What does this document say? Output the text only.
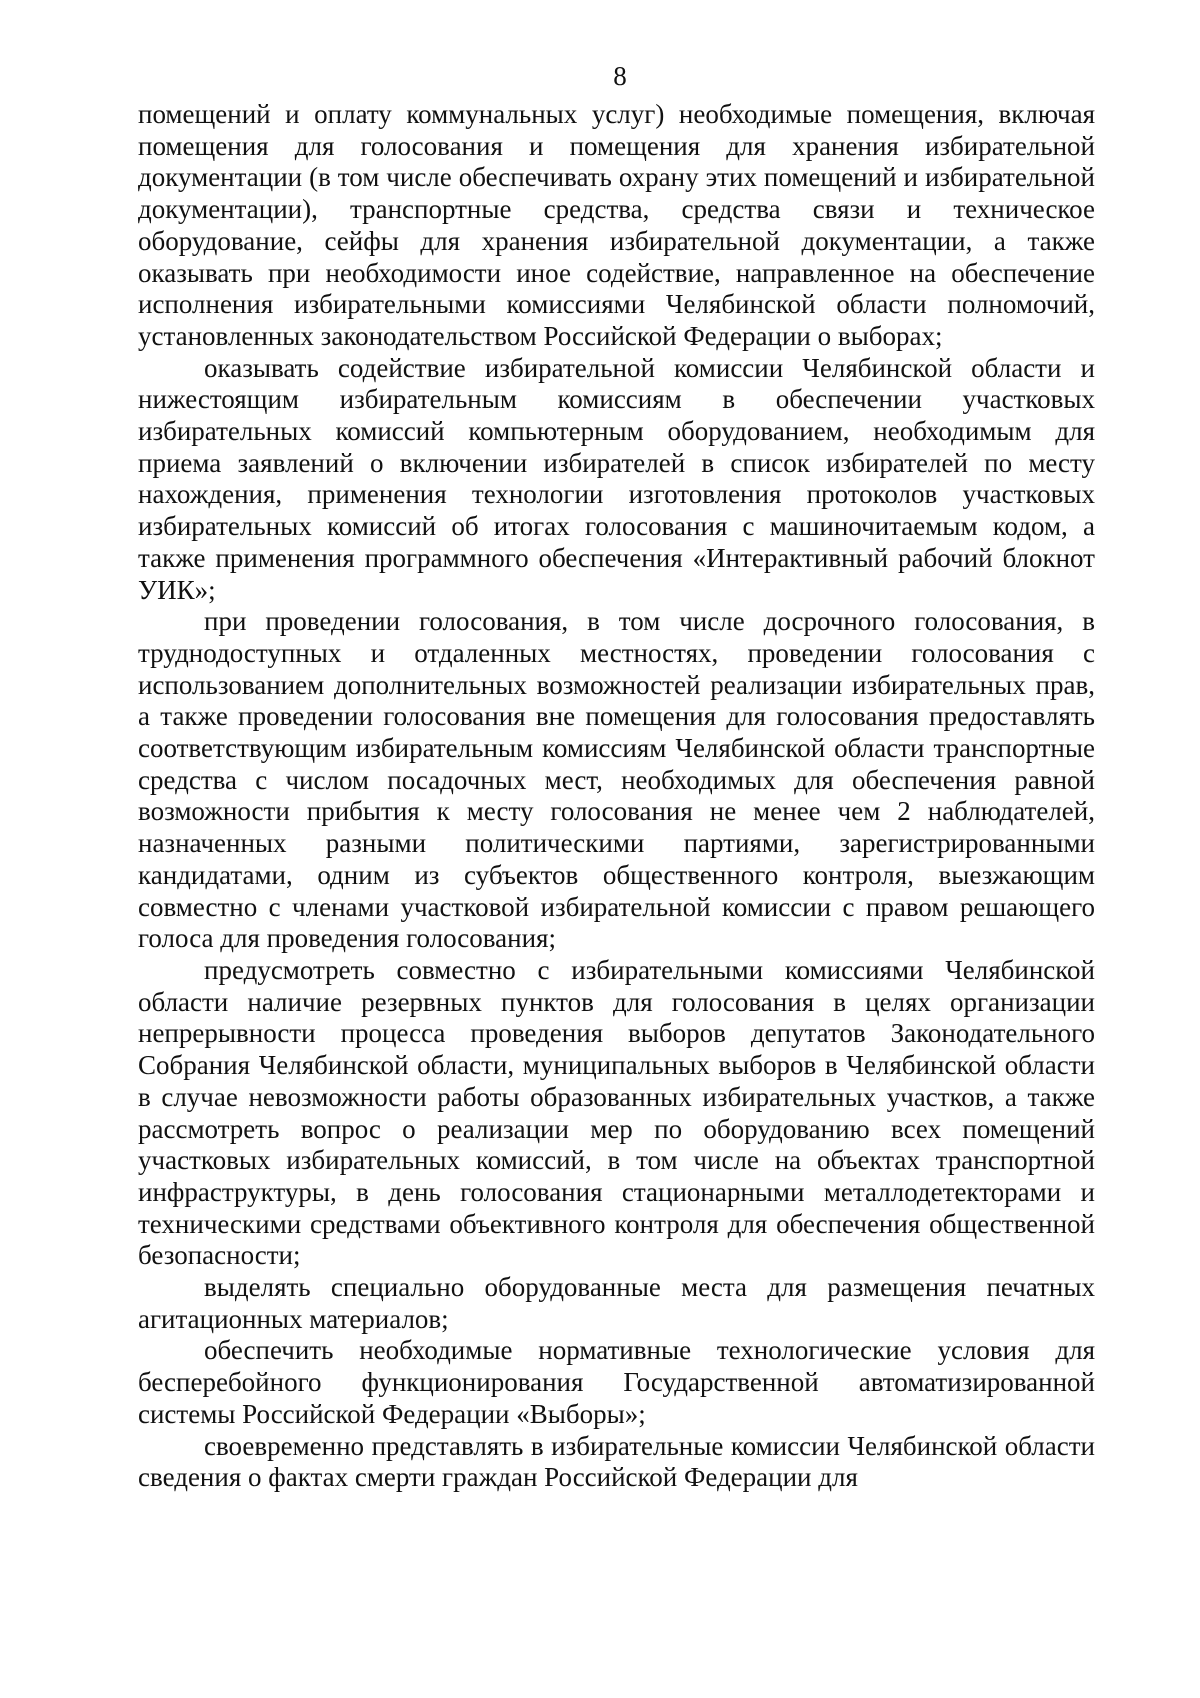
8

помещений и оплату коммунальных услуг) необходимые помещения, включая помещения для голосования и помещения для хранения избирательной документации (в том числе обеспечивать охрану этих помещений и избирательной документации), транспортные средства, средства связи и техническое оборудование, сейфы для хранения избирательной документации, а также оказывать при необходимости иное содействие, направленное на обеспечение исполнения избирательными комиссиями Челябинской области полномочий, установленных законодательством Российской Федерации о выборах;

оказывать содействие избирательной комиссии Челябинской области и нижестоящим избирательным комиссиям в обеспечении участковых избирательных комиссий компьютерным оборудованием, необходимым для приема заявлений о включении избирателей в список избирателей по месту нахождения, применения технологии изготовления протоколов участковых избирательных комиссий об итогах голосования с машиночитаемым кодом, а также применения программного обеспечения «Интерактивный рабочий блокнот УИК»;

при проведении голосования, в том числе досрочного голосования, в труднодоступных и отдаленных местностях, проведении голосования с использованием дополнительных возможностей реализации избирательных прав, а также проведении голосования вне помещения для голосования предоставлять соответствующим избирательным комиссиям Челябинской области транспортные средства с числом посадочных мест, необходимых для обеспечения равной возможности прибытия к месту голосования не менее чем 2 наблюдателей, назначенных разными политическими партиями, зарегистрированными кандидатами, одним из субъектов общественного контроля, выезжающим совместно с членами участковой избирательной комиссии с правом решающего голоса для проведения голосования;

предусмотреть совместно с избирательными комиссиями Челябинской области наличие резервных пунктов для голосования в целях организации непрерывности процесса проведения выборов депутатов Законодательного Собрания Челябинской области, муниципальных выборов в Челябинской области в случае невозможности работы образованных избирательных участков, а также рассмотреть вопрос о реализации мер по оборудованию всех помещений участковых избирательных комиссий, в том числе на объектах транспортной инфраструктуры, в день голосования стационарными металлодетекторами и техническими средствами объективного контроля для обеспечения общественной безопасности;

выделять специально оборудованные места для размещения печатных агитационных материалов;

обеспечить необходимые нормативные технологические условия для бесперебойного функционирования Государственной автоматизированной системы Российской Федерации «Выборы»;

своевременно представлять в избирательные комиссии Челябинской области сведения о фактах смерти граждан Российской Федерации для
